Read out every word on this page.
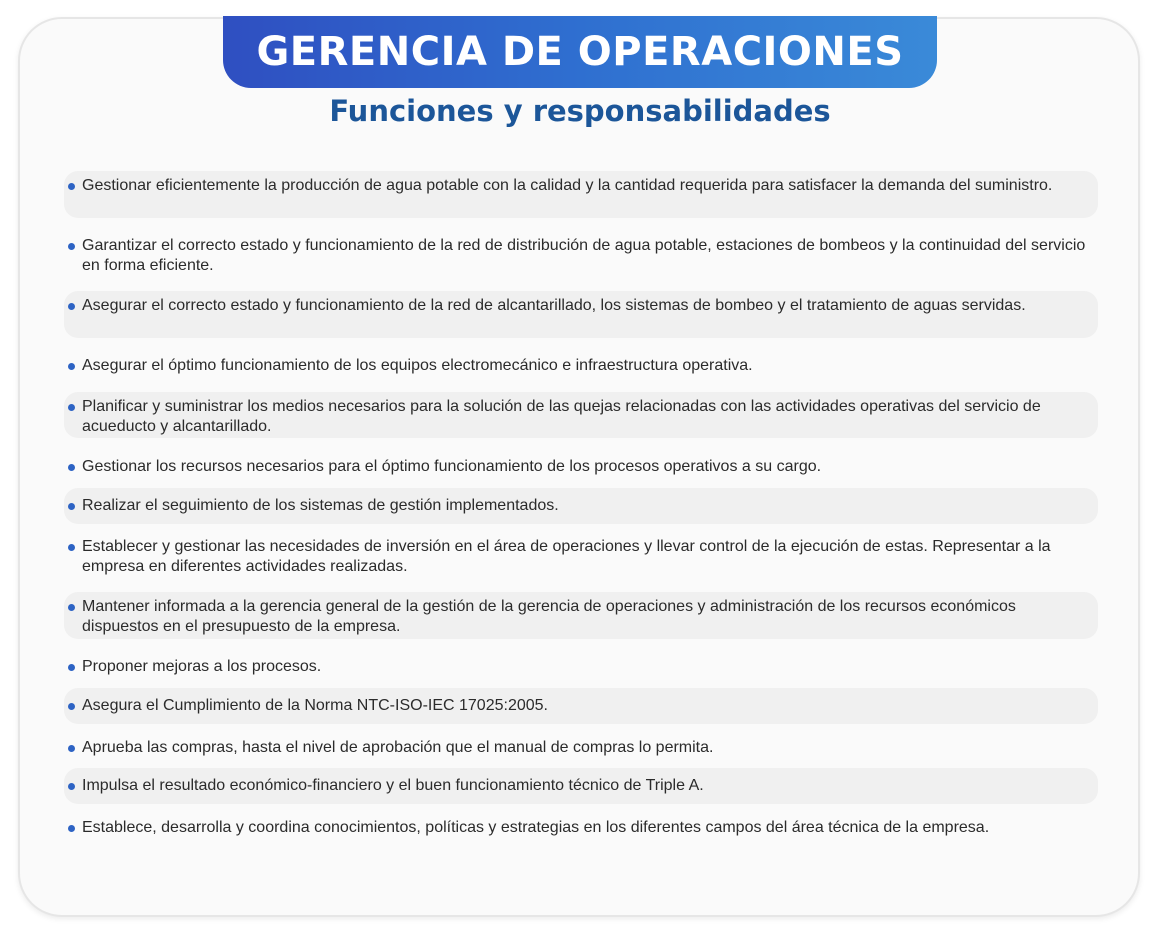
GERENCIA DE OPERACIONES
Funciones y responsabilidades
Gestionar eficientemente la producción de agua potable con la calidad y la cantidad requerida para satisfacer la demanda del suministro.
Garantizar el correcto estado y funcionamiento de la red de distribución de agua potable, estaciones de bombeos y la continuidad del servicio en forma eficiente.
Asegurar el correcto estado y funcionamiento de la red de alcantarillado, los sistemas de bombeo y el tratamiento de aguas servidas.
Asegurar el óptimo funcionamiento de los equipos electromecánico e infraestructura operativa.
Planificar y suministrar los medios necesarios para la solución de las quejas relacionadas con las actividades operativas del servicio de acueducto y alcantarillado.
Gestionar los recursos necesarios para el óptimo funcionamiento de los procesos operativos a su cargo.
Realizar el seguimiento de los sistemas de gestión implementados.
Establecer y gestionar las necesidades de inversión en el área de operaciones y llevar control de la ejecución de estas. Representar a la empresa en diferentes actividades realizadas.
Mantener informada a la gerencia general de la gestión de la gerencia de operaciones y administración de los recursos económicos dispuestos en el presupuesto de la empresa.
Proponer mejoras a los procesos.
Asegura el Cumplimiento de la Norma NTC-ISO-IEC 17025:2005.
Aprueba las compras, hasta el nivel de aprobación que el manual de compras lo permita.
Impulsa el resultado económico-financiero y el buen funcionamiento técnico de Triple A.
Establece, desarrolla y coordina conocimientos, políticas y estrategias en los diferentes campos del área técnica de la empresa.
